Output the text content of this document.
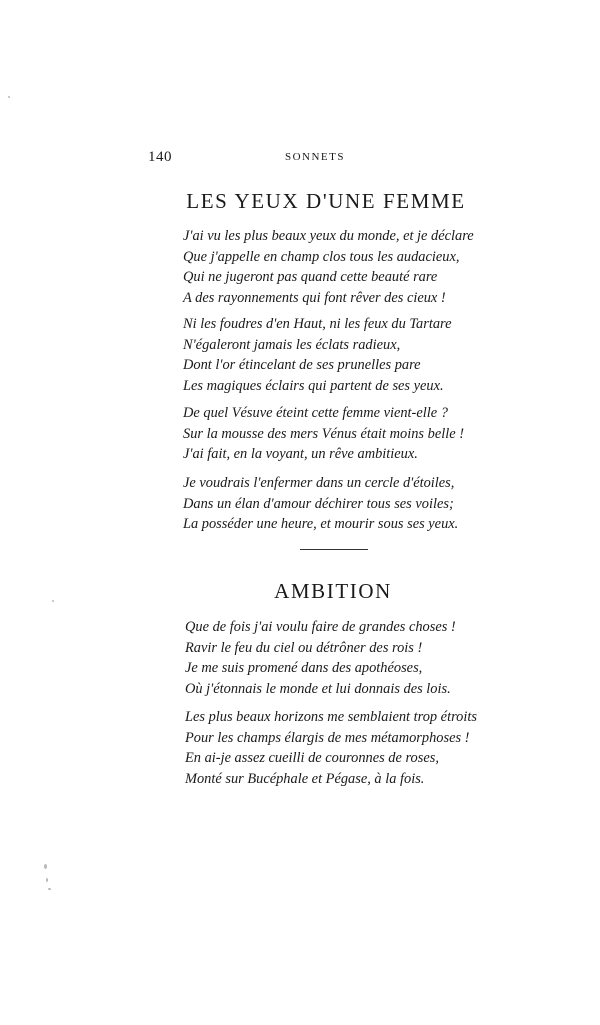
140	SONNETS
LES YEUX D'UNE FEMME
J'ai vu les plus beaux yeux du monde, et je déclare
Que j'appelle en champ clos tous les audacieux,
Qui ne jugeront pas quand cette beauté rare
A des rayonnements qui font rêver des cieux !
Ni les foudres d'en Haut, ni les feux du Tartare
N'égaleront jamais les éclats radieux,
Dont l'or étincelant de ses prunelles pare
Les magiques éclairs qui partent de ses yeux.
De quel Vésuve éteint cette femme vient-elle ?
Sur la mousse des mers Vénus était moins belle !
J'ai fait, en la voyant, un rêve ambitieux.
Je voudrais l'enfermer dans un cercle d'étoiles,
Dans un élan d'amour déchirer tous ses voiles;
La posséder une heure, et mourir sous ses yeux.
AMBITION
Que de fois j'ai voulu faire de grandes choses !
Ravir le feu du ciel ou détrôner des rois !
Je me suis promené dans des apothéoses,
Où j'étonnais le monde et lui donnais des lois.
Les plus beaux horizons me semblaient trop étroits
Pour les champs élargis de mes métamorphoses !
En ai-je assez cueilli de couronnes de roses,
Monté sur Bucéphale et Pégase, à la fois.
